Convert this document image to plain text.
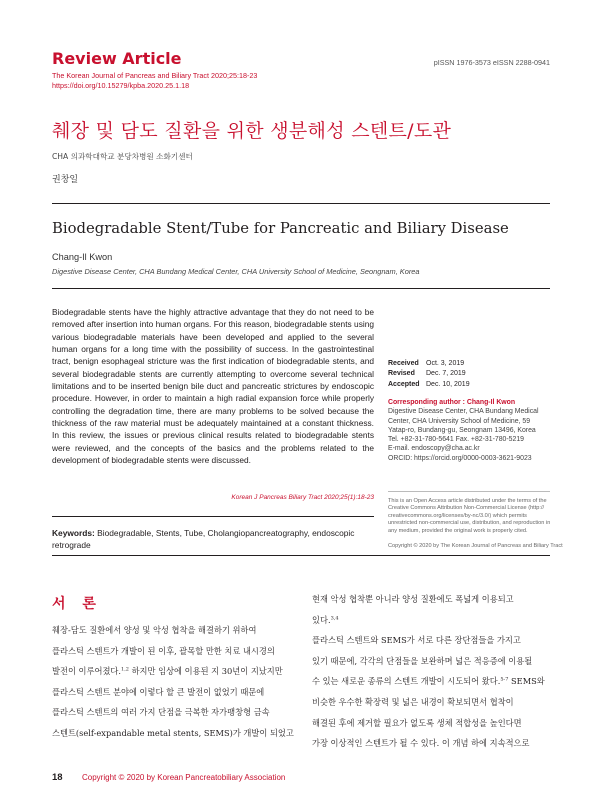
Review Article
The Korean Journal of Pancreas and Biliary Tract 2020;25:18-23
https://doi.org/10.15279/kpba.2020.25.1.18
pISSN 1976-3573 eISSN 2288-0941
췌장 및 담도 질환을 위한 생분해성 스텐트/도관
CHA 의과학대학교 분당차병원 소화기센터
권창일
Biodegradable Stent/Tube for Pancreatic and Biliary Disease
Chang-Il Kwon
Digestive Disease Center, CHA Bundang Medical Center, CHA University School of Medicine, Seongnam, Korea
Biodegradable stents have the highly attractive advantage that they do not need to be removed after insertion into human organs. For this reason, biodegradable stents using various biodegradable materials have been developed and applied to the several human organs for a long time with the possibility of success. In the gastrointestinal tract, benign esophageal stricture was the first indication of biodegradable stents, and several biodegradable stents are currently attempting to overcome several technical limitations and to be inserted benign bile duct and pancreatic strictures by endoscopic procedure. However, in order to maintain a high radial expansion force while properly controlling the degradation time, there are many problems to be solved because the thickness of the raw material must be adequately maintained at a constant thickness. In this review, the issues or previous clinical results related to biodegradable stents were reviewed, and the concepts of the basics and the problems related to the development of biodegradable stents were discussed.
Korean J Pancreas Biliary Tract 2020;25(1):18-23
Keywords: Biodegradable, Stents, Tube, Cholangiopancreatography, endoscopic retrograde
Received Oct. 3, 2019
Revised Dec. 7, 2019
Accepted Dec. 10, 2019
Corresponding author : Chang-Il Kwon
Digestive Disease Center, CHA Bundang Medical
Center, CHA University School of Medicine, 59
Yatap-ro, Bundang-gu, Seongnam 13496, Korea
Tel. +82-31-780-5641 Fax. +82-31-780-5219
E-mail. endoscopy@cha.ac.kr
ORCID: https://orcid.org/0000-0003-3621-9023
This is an Open Access article distributed under the terms of the
Creative Commons Attribution Non-Commercial License (http://
creativecommons.org/licenses/by-nc/3.0/) which permits
unrestricted non-commercial use, distribution, and reproduction in
any medium, provided the original work is properly cited.
Copyright © 2020 by The Korean Journal of Pancreas and Biliary Tract
서 론
췌장-담도 질환에서 양성 및 악성 협착을 해결하기 위하여
플라스틱 스텐트가 개발이 된 이후, 괄목할 만한 치료 내시경의
발전이 이루어졌다.$^{1,2}$ 하지만 임상에 이용된 지 30년이 지났지만
플라스틱 스텐트 분야에 이렇다 할 큰 발전이 없었기 때문에
플라스틱 스텐트의 여러 가지 단점을 극복한 자가팽창형 금속
스텐트(self-expandable metal stents, SEMS)가 개발이 되었고
현재 악성 협착뿐 아니라 양성 질환에도 폭넓게 이용되고
있다.$^{3,4}$
플라스틱 스텐트와 SEMS가 서로 다른 장단점들을 가지고
있기 때문에, 각각의 단점들을 보완하며 넓은 적응증에 이용될
수 있는 새로운 종류의 스텐트 개발이 시도되어 왔다.$^{5-7}$ SEMS와
비슷한 우수한 확장력 및 넓은 내경이 확보되면서 협착이
해결된 후에 제거할 필요가 없도록 생체 적합성을 높인다면
가장 이상적인 스텐트가 될 수 있다. 이 개념 하에 지속적으로
18 Copyright © 2020 by Korean Pancreatobiliary Association
